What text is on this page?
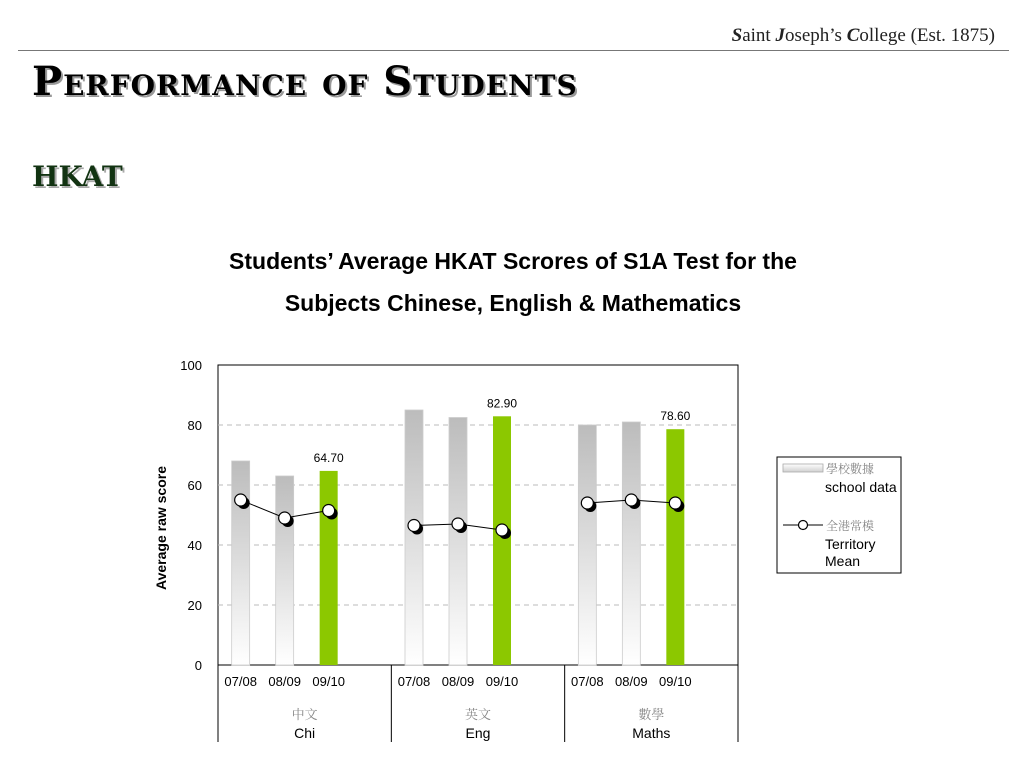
Saint Joseph’s College (Est. 1875)
Performance of Students
HKAT
Students’ Average HKAT Scrores of S1A Test for the
Subjects Chinese, English & Mathematics
64.70
82.90
78.60
0
20
40
60
80
100
07/08 08/09 09/10
中文
Chi
07/08 08/09 09/10
英文
Eng
07/08 08/09 09/10
數學
Maths
Average raw score	學校數據
school data
全港常模
Territory
Mean
